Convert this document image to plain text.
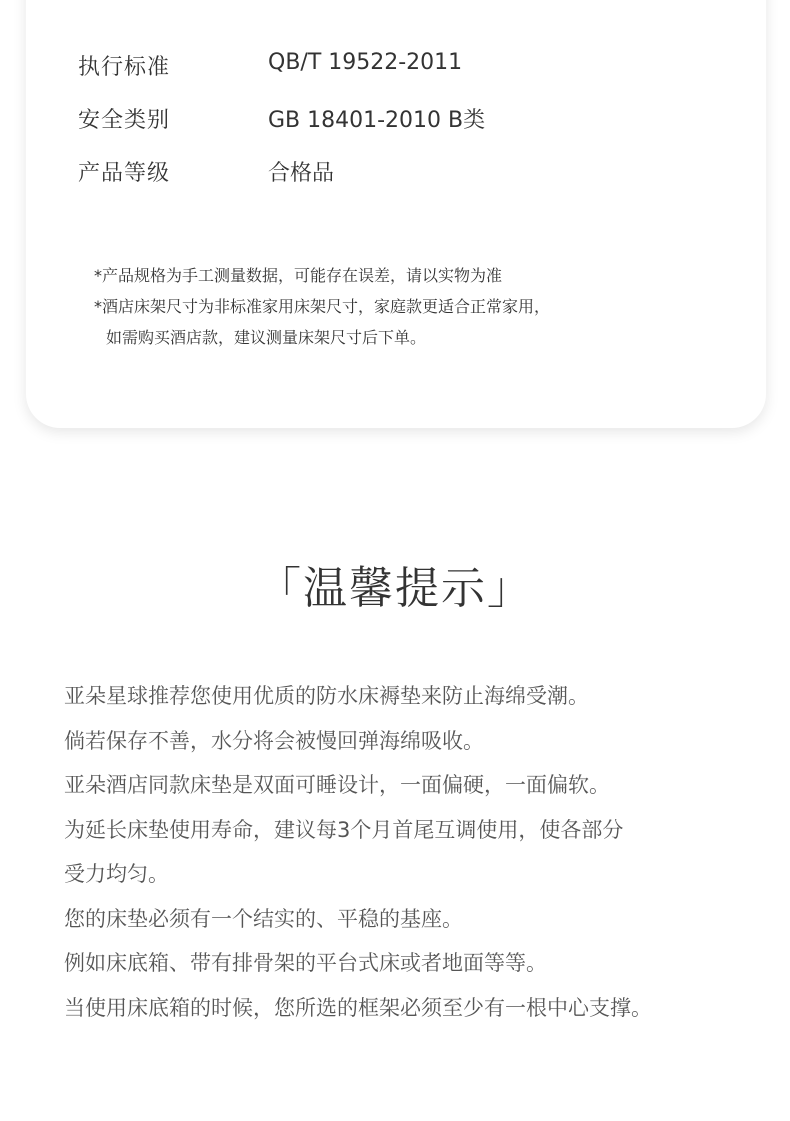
执行标准	QB/T 19522-2011
安全类别	GB 18401-2010 B类
产品等级	合格品
*产品规格为手工测量数据，可能存在误差，请以实物为准
*酒店床架尺寸为非标准家用床架尺寸，家庭款更适合正常家用，
如需购买酒店款，建议测量床架尺寸后下单。
「温馨提示」
亚朵星球推荐您使用优质的防水床褥垫来防止海绵受潮。
倘若保存不善，水分将会被慢回弹海绵吸收。
亚朵酒店同款床垫是双面可睡设计，一面偏硬，一面偏软。
为延长床垫使用寿命，建议每3个月首尾互调使用，使各部分
受力均匀。
您的床垫必须有一个结实的、平稳的基座。
例如床底箱、带有排骨架的平台式床或者地面等等。
当使用床底箱的时候，您所选的框架必须至少有一根中心支撑。
